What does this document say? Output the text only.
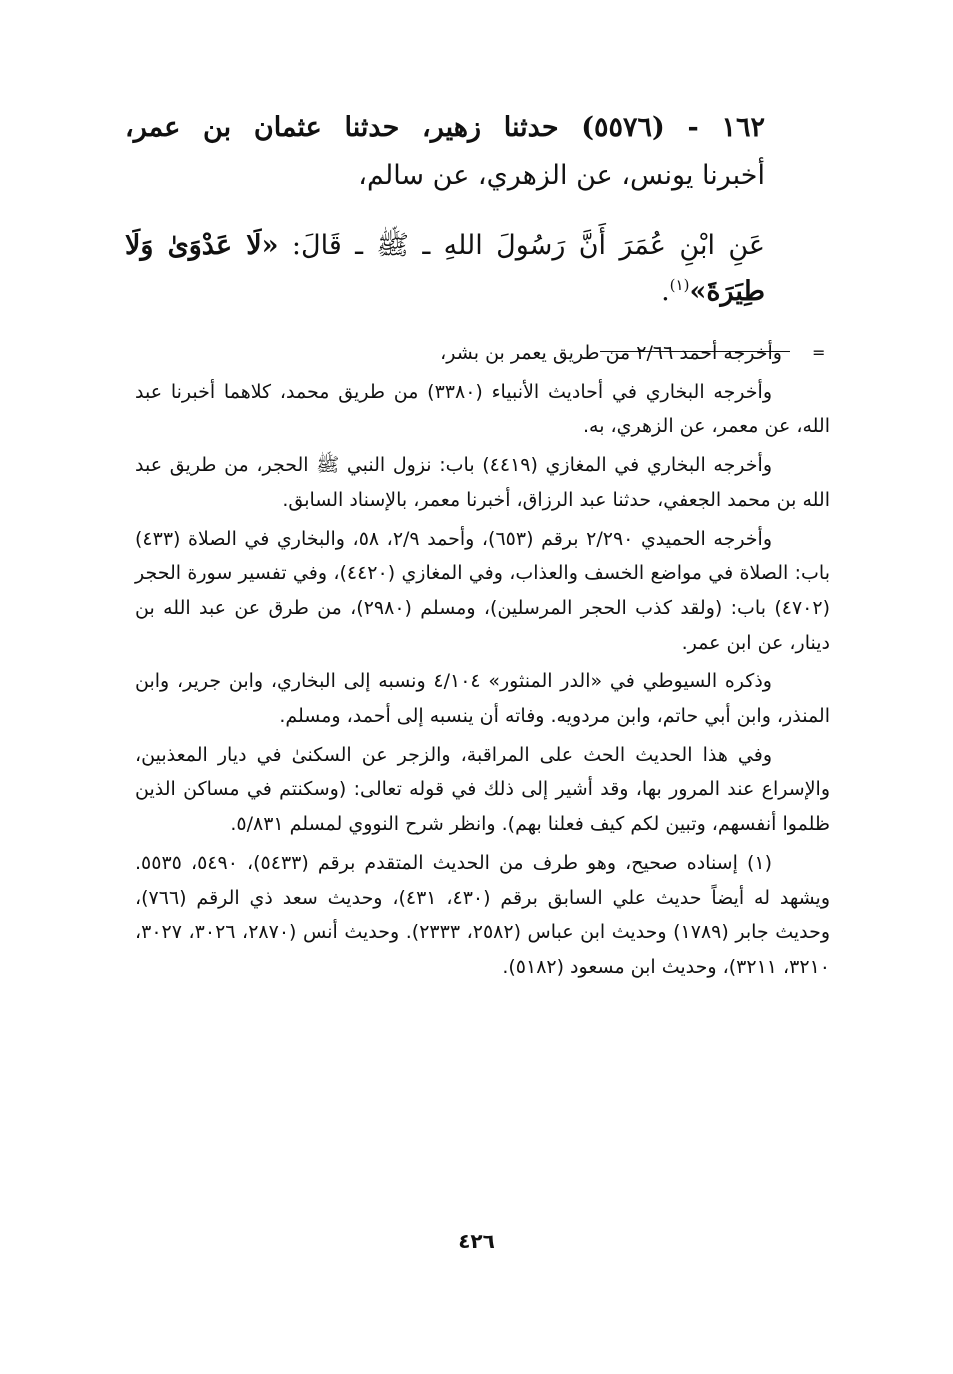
١٦٢ - (٥٥٧٦) حدثنا زهير، حدثنا عثمان بن عمر،
أخبرنا يونس، عن الزهري، عن سالم،
عَنِ ابْنِ عُمَرَ أَنَّ رَسُولَ اللهِ ـ ﷺ ـ قَالَ: «لَا عَدْوَىٰ وَلَا
طِيَرَةَ»$^{(١)}$.
=

وأخرجه أحمد ٢/٦٦ من طريق يعمر بن بشر،

وأخرجه البخاري في أحاديث الأنبياء (٣٣٨٠) من طريق محمد، كلاهما أخبرنا عبد الله، عن معمر، عن الزهري، به.

وأخرجه البخاري في المغازي (٤٤١٩) باب: نزول النبي ﷺ الحجر، من طريق عبد الله بن محمد الجعفي، حدثنا عبد الرزاق، أخبرنا معمر، بالإسناد السابق.

وأخرجه الحميدي ٢/٢٩٠ برقم (٦٥٣)، وأحمد ٢/٩، ٥٨، والبخاري في الصلاة (٤٣٣) باب: الصلاة في مواضع الخسف والعذاب، وفي المغازي (٤٤٢٠)، وفي تفسير سورة الحجر (٤٧٠٢) باب: (ولقد كذب الحجر المرسلين)، ومسلم (٢٩٨٠)، من طرق عن عبد الله بن دينار، عن ابن عمر.

وذكره السيوطي في «الدر المنثور» ٤/١٠٤ ونسبه إلى البخاري، وابن جرير، وابن المنذر، وابن أبي حاتم، وابن مردويه. وفاته أن ينسبه إلى أحمد، ومسلم.

وفي هذا الحديث الحث على المراقبة، والزجر عن السكنىٰ في ديار المعذبين، والإسراع عند المرور بها، وقد أشير إلى ذلك في قوله تعالى: (وسكنتم في مساكن الذين ظلموا أنفسهم، وتبين لكم كيف فعلنا بهم). وانظر شرح النووي لمسلم ٥/٨٣١.

(١) إسناده صحيح، وهو طرف من الحديث المتقدم برقم (٥٤٣٣)، ٥٤٩٠، ٥٥٣٥. ويشهد له أيضاً حديث علي السابق برقم (٤٣٠، ٤٣١)، وحديث سعد ذي الرقم (٧٦٦)، وحديث جابر (١٧٨٩) وحديث ابن عباس (٢٥٨٢، ٢٣٣٣). وحديث أنس (٢٨٧٠، ٣٠٢٦، ٣٠٢٧، ٣٢١٠، ٣٢١١)، وحديث ابن مسعود (٥١٨٢).

٤٢٦
